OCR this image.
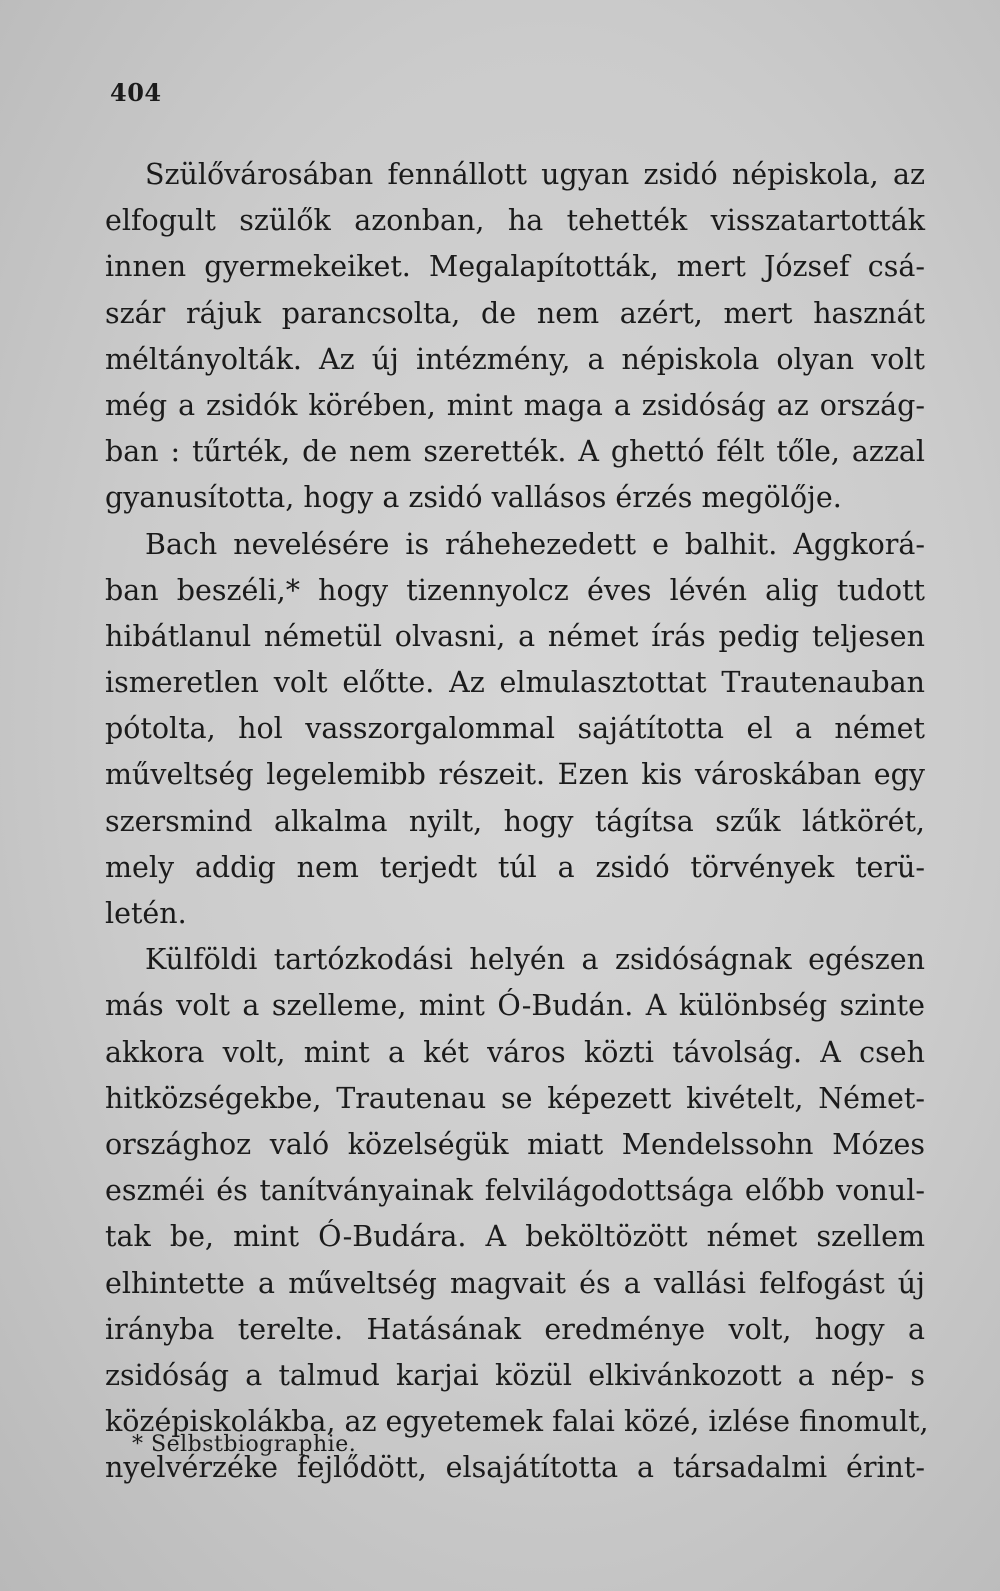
404
Szülővárosában fennállott ugyan zsidó népiskola, az
elfogult szülők azonban, ha tehették visszatartották
innen gyermekeiket. Megalapították, mert József csá-
szár rájuk parancsolta, de nem azért, mert hasznát
méltányolták. Az új intézmény, a népiskola olyan volt
még a zsidók körében, mint maga a zsidóság az ország-
ban : tűrték, de nem szerették. A ghettó félt tőle, azzal
gyanusította, hogy a zsidó vallásos érzés megölője.
Bach nevelésére is ráhehezedett e balhit. Aggkorá-
ban beszéli,* hogy tizennyolcz éves lévén alig tudott
hibátlanul németül olvasni, a német írás pedig teljesen
ismeretlen volt előtte. Az elmulasztottat Trautenauban
pótolta, hol vasszorgalommal sajátította el a német
műveltség legelemibb részeit. Ezen kis városkában egy
szersmind alkalma nyilt, hogy tágítsa szűk látkörét,
mely addig nem terjedt túl a zsidó törvények terü-
letén.
Külföldi tartózkodási helyén a zsidóságnak egészen
más volt a szelleme, mint Ó-Budán. A különbség szinte
akkora volt, mint a két város közti távolság. A cseh
hitközségekbe, Trautenau se képezett kivételt, Német-
országhoz való közelségük miatt Mendelssohn Mózes
eszméi és tanítványainak felvilágodottsága előbb vonul-
tak be, mint Ó-Budára. A beköltözött német szellem
elhintette a műveltség magvait és a vallási felfogást új
irányba terelte. Hatásának eredménye volt, hogy a
zsidóság a talmud karjai közül elkivánkozott a nép- s
középiskolákba, az egyetemek falai közé, izlése finomult,
nyelvérzéke fejlődött, elsajátította a társadalmi érint-
* Selbstbiographie.
